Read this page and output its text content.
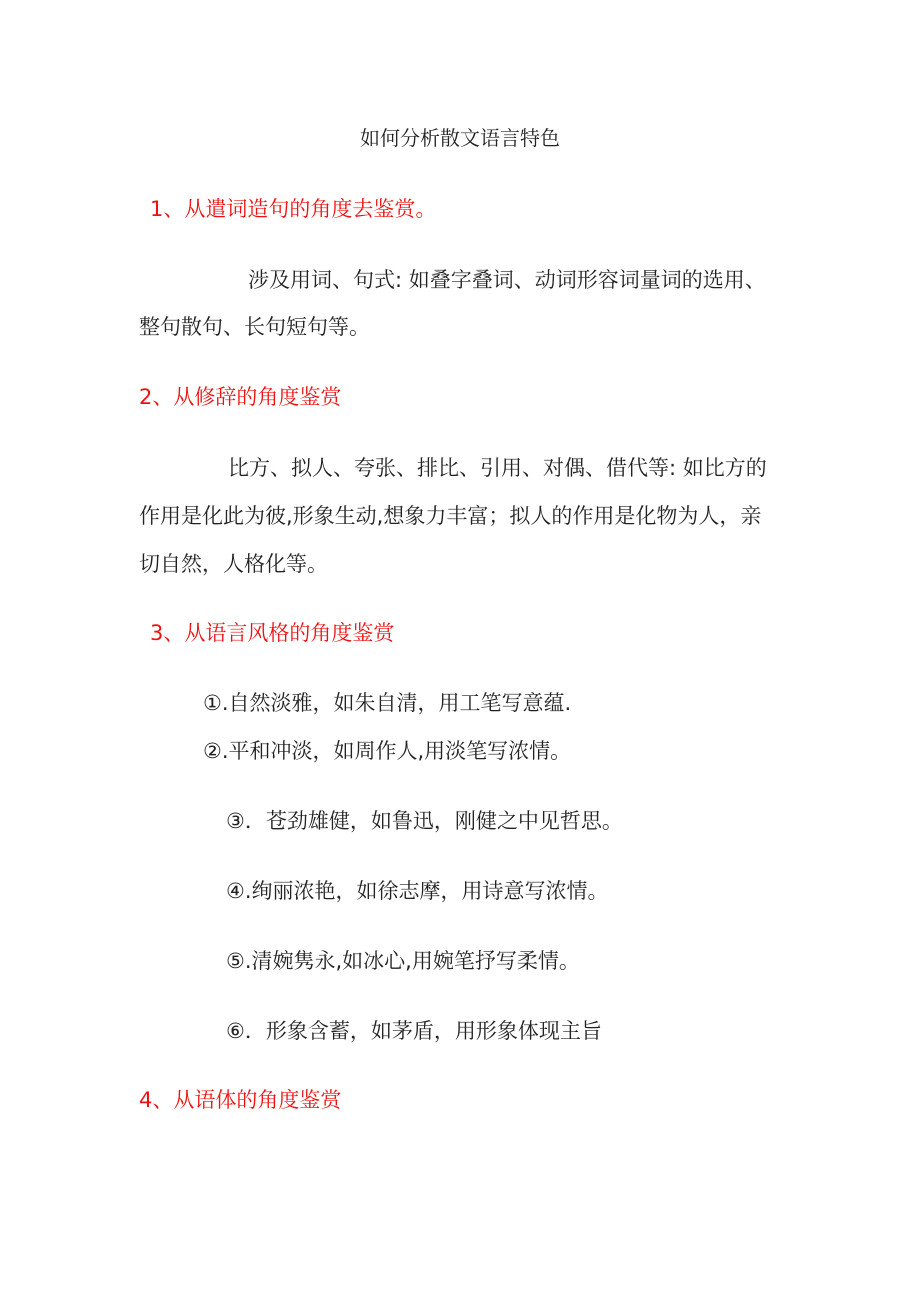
如何分析散文语言特色
1、从遣词造句的角度去鉴赏。
涉及用词、句式: 如叠字叠词、动词形容词量词的选用、
整句散句、长句短句等。
2、从修辞的角度鉴赏
比方、拟人、夸张、排比、引用、对偶、借代等: 如比方的
作用是化此为彼,形象生动,想象力丰富；拟人的作用是化物为人，亲
切自然，人格化等。
3、从语言风格的角度鉴赏
①.自然淡雅，如朱自清，用工笔写意蕴.
②.平和冲淡，如周作人,用淡笔写浓情。
③．苍劲雄健，如鲁迅，刚健之中见哲思。
④.绚丽浓艳，如徐志摩，用诗意写浓情。
⑤.清婉隽永,如冰心,用婉笔抒写柔情。
⑥．形象含蓄，如茅盾，用形象体现主旨
4、从语体的角度鉴赏
